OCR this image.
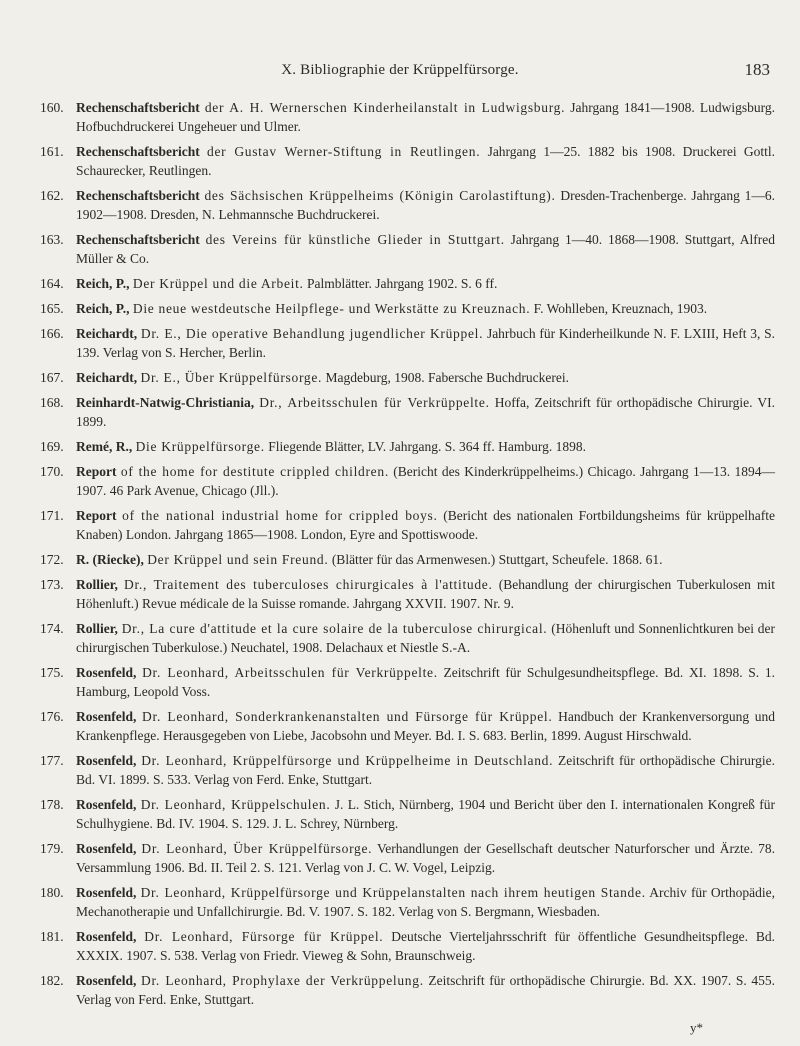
X. Bibliographie der Krüppelfürsorge.	183
160. Rechenschaftsbericht der A. H. Wernerschen Kinderheilanstalt in Ludwigsburg. Jahrgang 1841—1908. Ludwigsburg. Hofbuchdruckerei Ungeheuer und Ulmer.
161. Rechenschaftsbericht der Gustav Werner-Stiftung in Reutlingen. Jahrgang 1—25. 1882 bis 1908. Druckerei Gottl. Schaurecker, Reutlingen.
162. Rechenschaftsbericht des Sächsischen Krüppelheims (Königin Carolastiftung). Dresden-Trachenberge. Jahrgang 1—6. 1902—1908. Dresden, N. Lehmannsche Buchdruckerei.
163. Rechenschaftsbericht des Vereins für künstliche Glieder in Stuttgart. Jahrgang 1—40. 1868—1908. Stuttgart, Alfred Müller & Co.
164. Reich, P., Der Krüppel und die Arbeit. Palmblätter. Jahrgang 1902. S. 6 ff.
165. Reich, P., Die neue westdeutsche Heilpflege- und Werkstätte zu Kreuznach. F. Wohlleben, Kreuznach, 1903.
166. Reichardt, Dr. E., Die operative Behandlung jugendlicher Krüppel. Jahrbuch für Kinderheilkunde N. F. LXIII, Heft 3, S. 139. Verlag von S. Hercher, Berlin.
167. Reichardt, Dr. E., Über Krüppelfürsorge. Magdeburg, 1908. Fabersche Buchdruckerei.
168. Reinhardt-Natwig-Christiania, Dr., Arbeitsschulen für Verkrüppelte. Hoffa, Zeitschrift für orthopädische Chirurgie. VI. 1899.
169. Remé, R., Die Krüppelfürsorge. Fliegende Blätter, LV. Jahrgang. S. 364 ff. Hamburg. 1898.
170. Report of the home for destitute crippled children. (Bericht des Kinderkrüppelheims.) Chicago. Jahrgang 1—13. 1894—1907. 46 Park Avenue, Chicago (Jll.).
171. Report of the national industrial home for crippled boys. (Bericht des nationalen Fortbildungsheims für krüppelhafte Knaben) London. Jahrgang 1865—1908. London, Eyre and Spottiswoode.
172. R. (Riecke), Der Krüppel und sein Freund. (Blätter für das Armenwesen.) Stuttgart, Scheufele. 1868. 61.
173. Rollier, Dr., Traitement des tuberculoses chirurgicales à l'attitude. (Behandlung der chirurgischen Tuberkulosen mit Höhenluft.) Revue médicale de la Suisse romande. Jahrgang XXVII. 1907. Nr. 9.
174. Rollier, Dr., La cure d'attitude et la cure solaire de la tuberculose chirurgical. (Höhenluft und Sonnenlichtkuren bei der chirurgischen Tuberkulose.) Neuchatel, 1908. Delachaux et Niestle S.-A.
175. Rosenfeld, Dr. Leonhard, Arbeitsschulen für Verkrüppelte. Zeitschrift für Schulgesundheitspflege. Bd. XI. 1898. S. 1. Hamburg, Leopold Voss.
176. Rosenfeld, Dr. Leonhard, Sonderkrankenanstalten und Fürsorge für Krüppel. Handbuch der Krankenversorgung und Krankenpflege. Herausgegeben von Liebe, Jacobsohn und Meyer. Bd. I. S. 683. Berlin, 1899. August Hirschwald.
177. Rosenfeld, Dr. Leonhard, Krüppelfürsorge und Krüppelheime in Deutschland. Zeitschrift für orthopädische Chirurgie. Bd. VI. 1899. S. 533. Verlag von Ferd. Enke, Stuttgart.
178. Rosenfeld, Dr. Leonhard, Krüppelschulen. J. L. Stich, Nürnberg, 1904 und Bericht über den I. internationalen Kongreß für Schulhygiene. Bd. IV. 1904. S. 129. J. L. Schrey, Nürnberg.
179. Rosenfeld, Dr. Leonhard, Über Krüppelfürsorge. Verhandlungen der Gesellschaft deutscher Naturforscher und Ärzte. 78. Versammlung 1906. Bd. II. Teil 2. S. 121. Verlag von J. C. W. Vogel, Leipzig.
180. Rosenfeld, Dr. Leonhard, Krüppelfürsorge und Krüppelanstalten nach ihrem heutigen Stande. Archiv für Orthopädie, Mechanotherapie und Unfallchirurgie. Bd. V. 1907. S. 182. Verlag von S. Bergmann, Wiesbaden.
181. Rosenfeld, Dr. Leonhard, Fürsorge für Krüppel. Deutsche Vierteljahrsschrift für öffentliche Gesundheitspflege. Bd. XXXIX. 1907. S. 538. Verlag von Friedr. Vieweg & Sohn, Braunschweig.
182. Rosenfeld, Dr. Leonhard, Prophylaxe der Verkrüppelung. Zeitschrift für orthopädische Chirurgie. Bd. XX. 1907. S. 455. Verlag von Ferd. Enke, Stuttgart.
y*
